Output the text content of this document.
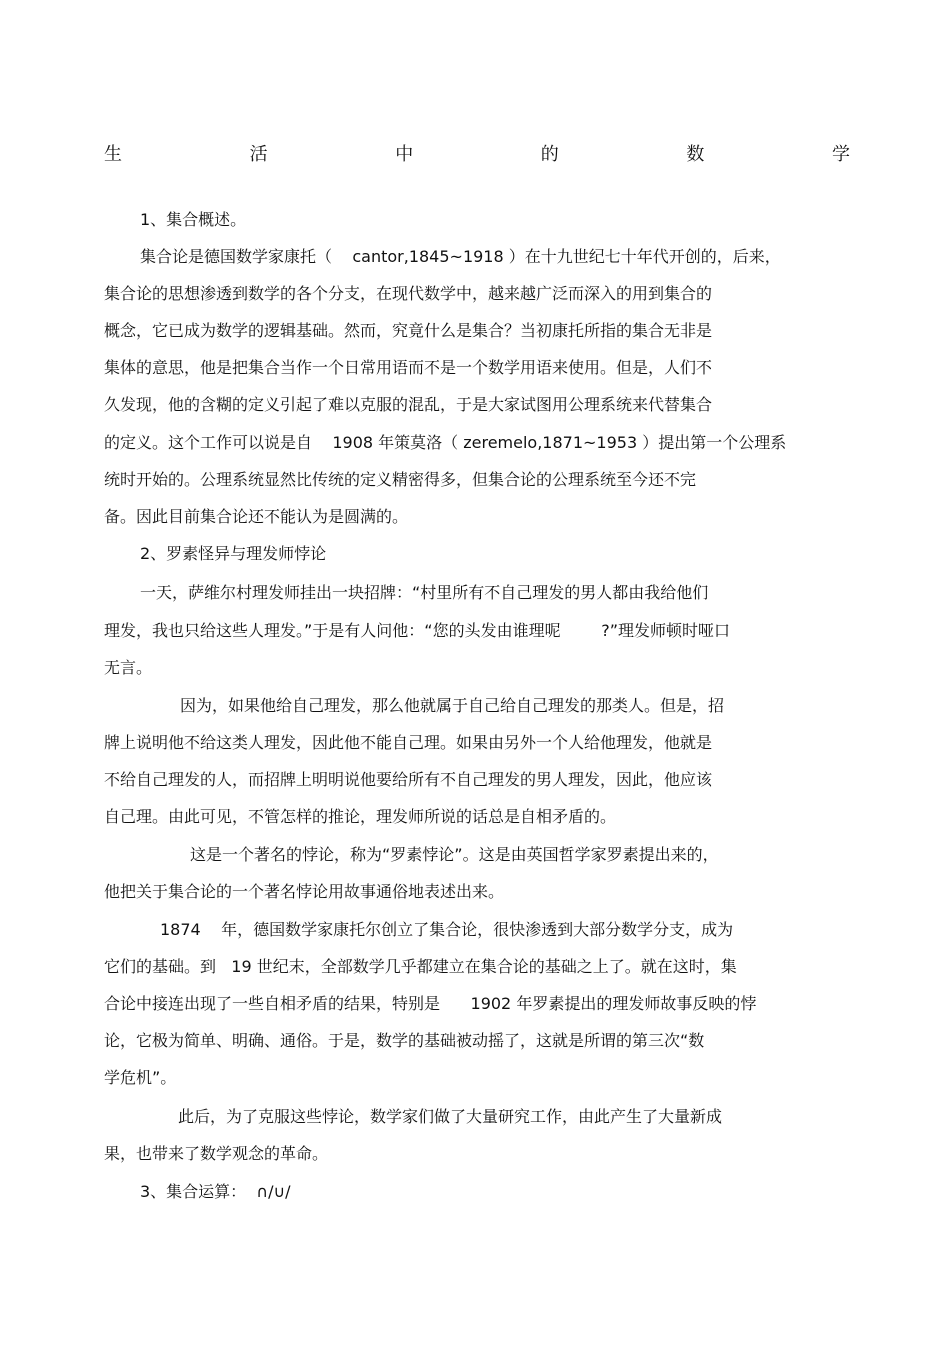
生	活	中	的	数	学
1、集合概述。
集合论是德国数学家康托（    cantor,1845~1918 ）在十九世纪七十年代开创的，后来，
集合论的思想渗透到数学的各个分支，在现代数学中，越来越广泛而深入的用到集合的
概念，它已成为数学的逻辑基础。然而，究竟什么是集合？当初康托所指的集合无非是
集体的意思，他是把集合当作一个日常用语而不是一个数学用语来使用。但是，人们不
久发现，他的含糊的定义引起了难以克服的混乱，于是大家试图用公理系统来代替集合
的定义。这个工作可以说是自    1908 年策莫洛（ zeremelo,1871~1953 ）提出第一个公理系
统时开始的。公理系统显然比传统的定义精密得多，但集合论的公理系统至今还不完
备。因此目前集合论还不能认为是圆满的。
2、罗素怪异与理发师悖论
一天，萨维尔村理发师挂出一块招牌：“村里所有不自己理发的男人都由我给他们
理发，我也只给这些人理发。”于是有人问他：“您的头发由谁理呢        ?”理发师顿时哑口
无言。
因为，如果他给自己理发，那么他就属于自己给自己理发的那类人。但是，招
牌上说明他不给这类人理发，因此他不能自己理。如果由另外一个人给他理发，他就是
不给自己理发的人，而招牌上明明说他要给所有不自己理发的男人理发，因此，他应该
自己理。由此可见，不管怎样的推论，理发师所说的话总是自相矛盾的。
这是一个著名的悖论，称为“罗素悖论”。这是由英国哲学家罗素提出来的，
他把关于集合论的一个著名悖论用故事通俗地表述出来。
1874    年，德国数学家康托尔创立了集合论，很快渗透到大部分数学分支，成为
它们的基础。到   19 世纪末，全部数学几乎都建立在集合论的基础之上了。就在这时，集
合论中接连出现了一些自相矛盾的结果，特别是      1902 年罗素提出的理发师故事反映的悖
论，它极为简单、明确、通俗。于是，数学的基础被动摇了，这就是所谓的第三次“数
学危机”。
此后，为了克服这些悖论，数学家们做了大量研究工作，由此产生了大量新成
果，也带来了数学观念的革命。
3、集合运算：  ∩/∪/
